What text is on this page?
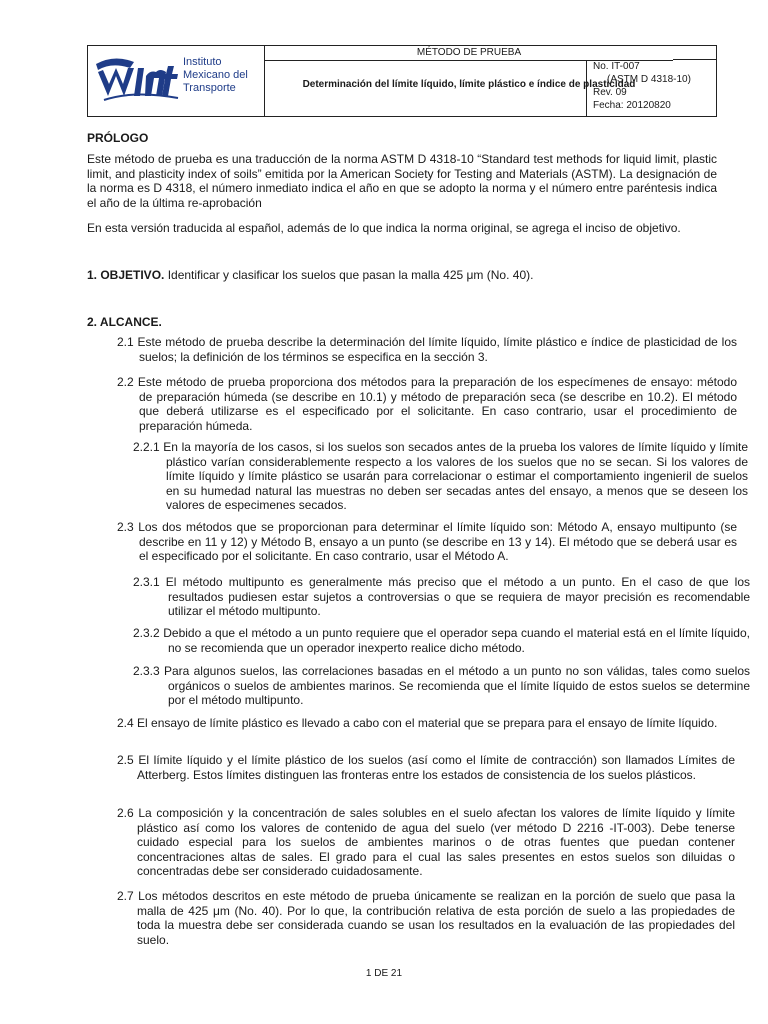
Instituto
Mexicano del
Transporte
MÉTODO DE PRUEBA
Determinación del límite líquido, límite plástico e índice de plasticidad
No. IT-007
(ASTM D 4318-10)
Rev. 09
Fecha: 20120820
PRÓLOGO
Este método de prueba es una traducción de la norma ASTM D 4318-10 “Standard test methods for liquid limit, plastic limit, and plasticity index of soils” emitida por la American Society for Testing and Materials (ASTM). La designación de la norma es D 4318, el número inmediato indica el año en que se adopto la norma y el número entre paréntesis indica el año de la última re-aprobación
En esta versión traducida al español, además de lo que indica la norma original, se agrega el inciso de objetivo.
1. OBJETIVO. Identificar y clasificar los suelos que pasan la malla 425 μm (No. 40).
2. ALCANCE.
2.1 Este método de prueba describe la determinación del límite líquido, límite plástico e índice de plasticidad de los suelos; la definición de los términos se especifica en la sección 3.
2.2 Este método de prueba proporciona dos métodos para la preparación de los especímenes de ensayo: método de preparación húmeda (se describe en 10.1) y método de preparación seca (se describe en 10.2). El método que deberá utilizarse es el especificado por el solicitante. En caso contrario, usar el procedimiento de preparación húmeda.
2.2.1 En la mayoría de los casos, si los suelos son secados antes de la prueba los valores de límite líquido y límite plástico varían considerablemente respecto a los valores de los suelos que no se secan. Si los valores de límite líquido y límite plástico se usarán para correlacionar o estimar el comportamiento ingenieril de suelos en su humedad natural las muestras no deben ser secadas antes del ensayo, a menos que se deseen los valores de especimenes secados.
2.3 Los dos métodos que se proporcionan para determinar el límite líquido son: Método A, ensayo multipunto (se describe en 11 y 12) y Método B, ensayo a un punto (se describe en 13 y 14). El método que se deberá usar es el especificado por el solicitante. En caso contrario, usar el Método A.
2.3.1 El método multipunto es generalmente más preciso que el método a un punto. En el caso de que los resultados pudiesen estar sujetos a controversias o que se requiera de mayor precisión es recomendable utilizar el método multipunto.
2.3.2 Debido a que el método a un punto requiere que el operador sepa cuando el material está en el límite líquido, no se recomienda que un operador inexperto realice dicho método.
2.3.3 Para algunos suelos, las correlaciones basadas en el método a un punto no son válidas, tales como suelos orgánicos o suelos de ambientes marinos. Se recomienda que el límite líquido de estos suelos se determine por el método multipunto.
2.4 El ensayo de límite plástico es llevado a cabo con el material que se prepara para el ensayo de límite líquido.
2.5 El límite líquido y el límite plástico de los suelos (así como el límite de contracción) son llamados Límites de Atterberg. Estos límites distinguen las fronteras entre los estados de consistencia de los suelos plásticos.
2.6 La composición y la concentración de sales solubles en el suelo afectan los valores de límite líquido y límite plástico así como los valores de contenido de agua del suelo (ver método D 2216 -IT-003). Debe tenerse cuidado especial para los suelos de ambientes marinos o de otras fuentes que puedan contener concentraciones altas de sales. El grado para el cual las sales presentes en estos suelos son diluidas o concentradas debe ser considerado cuidadosamente.
2.7 Los métodos descritos en este método de prueba únicamente se realizan en la porción de suelo que pasa la malla de 425 μm (No. 40). Por lo que, la contribución relativa de esta porción de suelo a las propiedades de toda la muestra debe ser considerada cuando se usan los resultados en la evaluación de las propiedades del suelo.
1 DE 21
